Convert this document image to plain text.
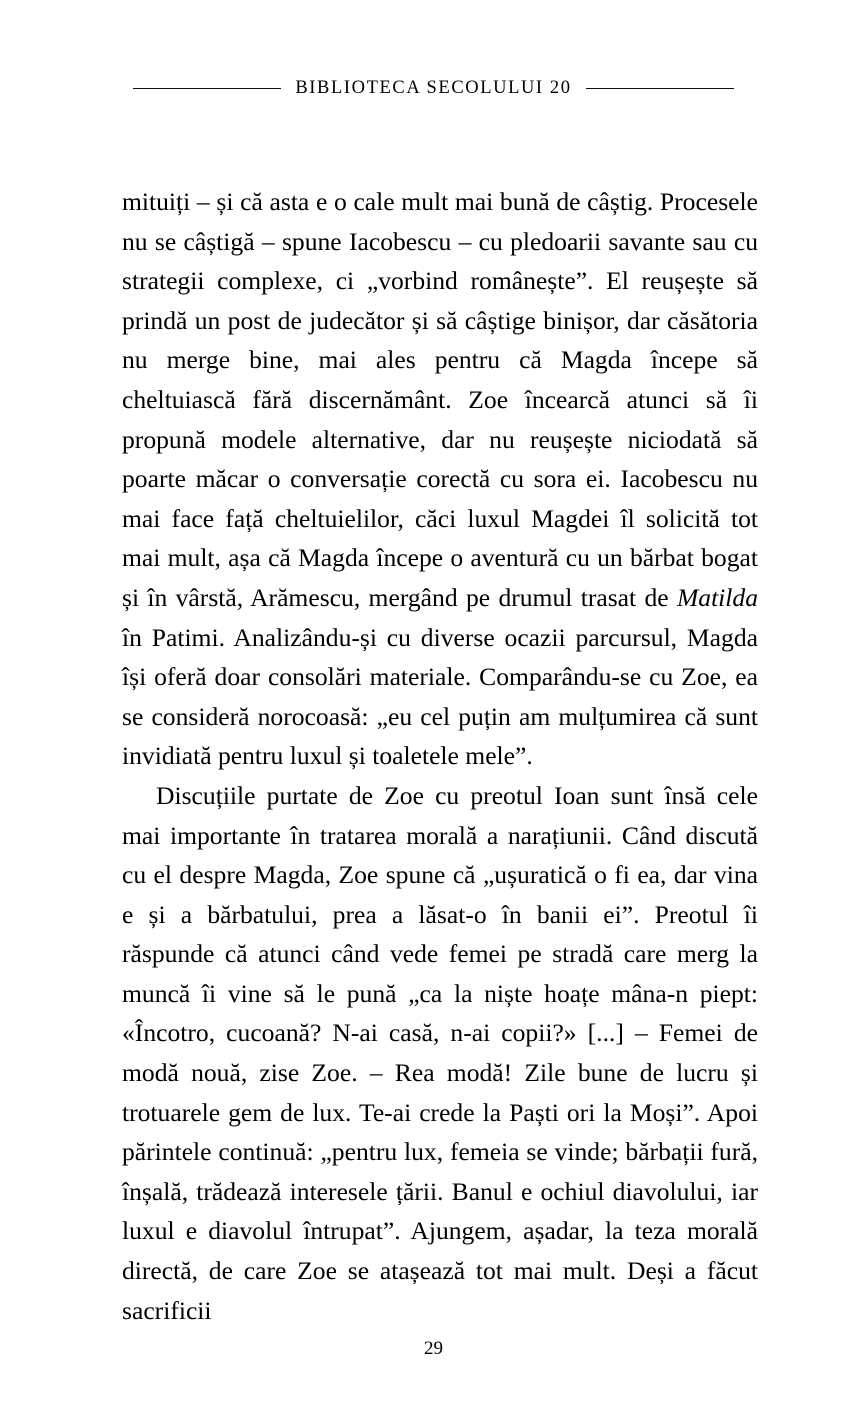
BIBLIOTECA SECOLULUI 20

mituiți – și că asta e o cale mult mai bună de câștig. Procesele nu se câștigă – spune Iacobescu – cu pledoarii savante sau cu strategii complexe, ci „vorbind românește”. El reușește să prindă un post de judecător și să câștige binișor, dar căsătoria nu merge bine, mai ales pentru că Magda începe să cheltuiască fără discernământ. Zoe încearcă atunci să îi propună modele alternative, dar nu reușește niciodată să poarte măcar o conversație corectă cu sora ei. Iacobescu nu mai face față cheltuielilor, căci luxul Magdei îl solicită tot mai mult, așa că Magda începe o aventură cu un bărbat bogat și în vârstă, Arămescu, mergând pe drumul trasat de Matilda în Patimi. Analizându-și cu diverse ocazii parcursul, Magda își oferă doar consolări materiale. Comparându-se cu Zoe, ea se consideră norocoasă: „eu cel puțin am mulțumirea că sunt invidiată pentru luxul și toaletele mele”.

Discuțiile purtate de Zoe cu preotul Ioan sunt însă cele mai importante în tratarea morală a narațiunii. Când discută cu el despre Magda, Zoe spune că „ușuratică o fi ea, dar vina e și a bărbatului, prea a lăsat-o în banii ei”. Preotul îi răspunde că atunci când vede femei pe stradă care merg la muncă îi vine să le pună „ca la niște hoațe mâna-n piept: «Încotro, cucoană? N-ai casă, n-ai copii?» [...] – Femei de modă nouă, zise Zoe. – Rea modă! Zile bune de lucru și trotuarele gem de lux. Te-ai crede la Paști ori la Moși”. Apoi părintele continuă: „pentru lux, femeia se vinde; bărbații fură, înșală, trădează interesele țării. Banul e ochiul diavolului, iar luxul e diavolul întrupat”. Ajungem, așadar, la teza morală directă, de care Zoe se atașează tot mai mult. Deși a făcut sacrificii

29
